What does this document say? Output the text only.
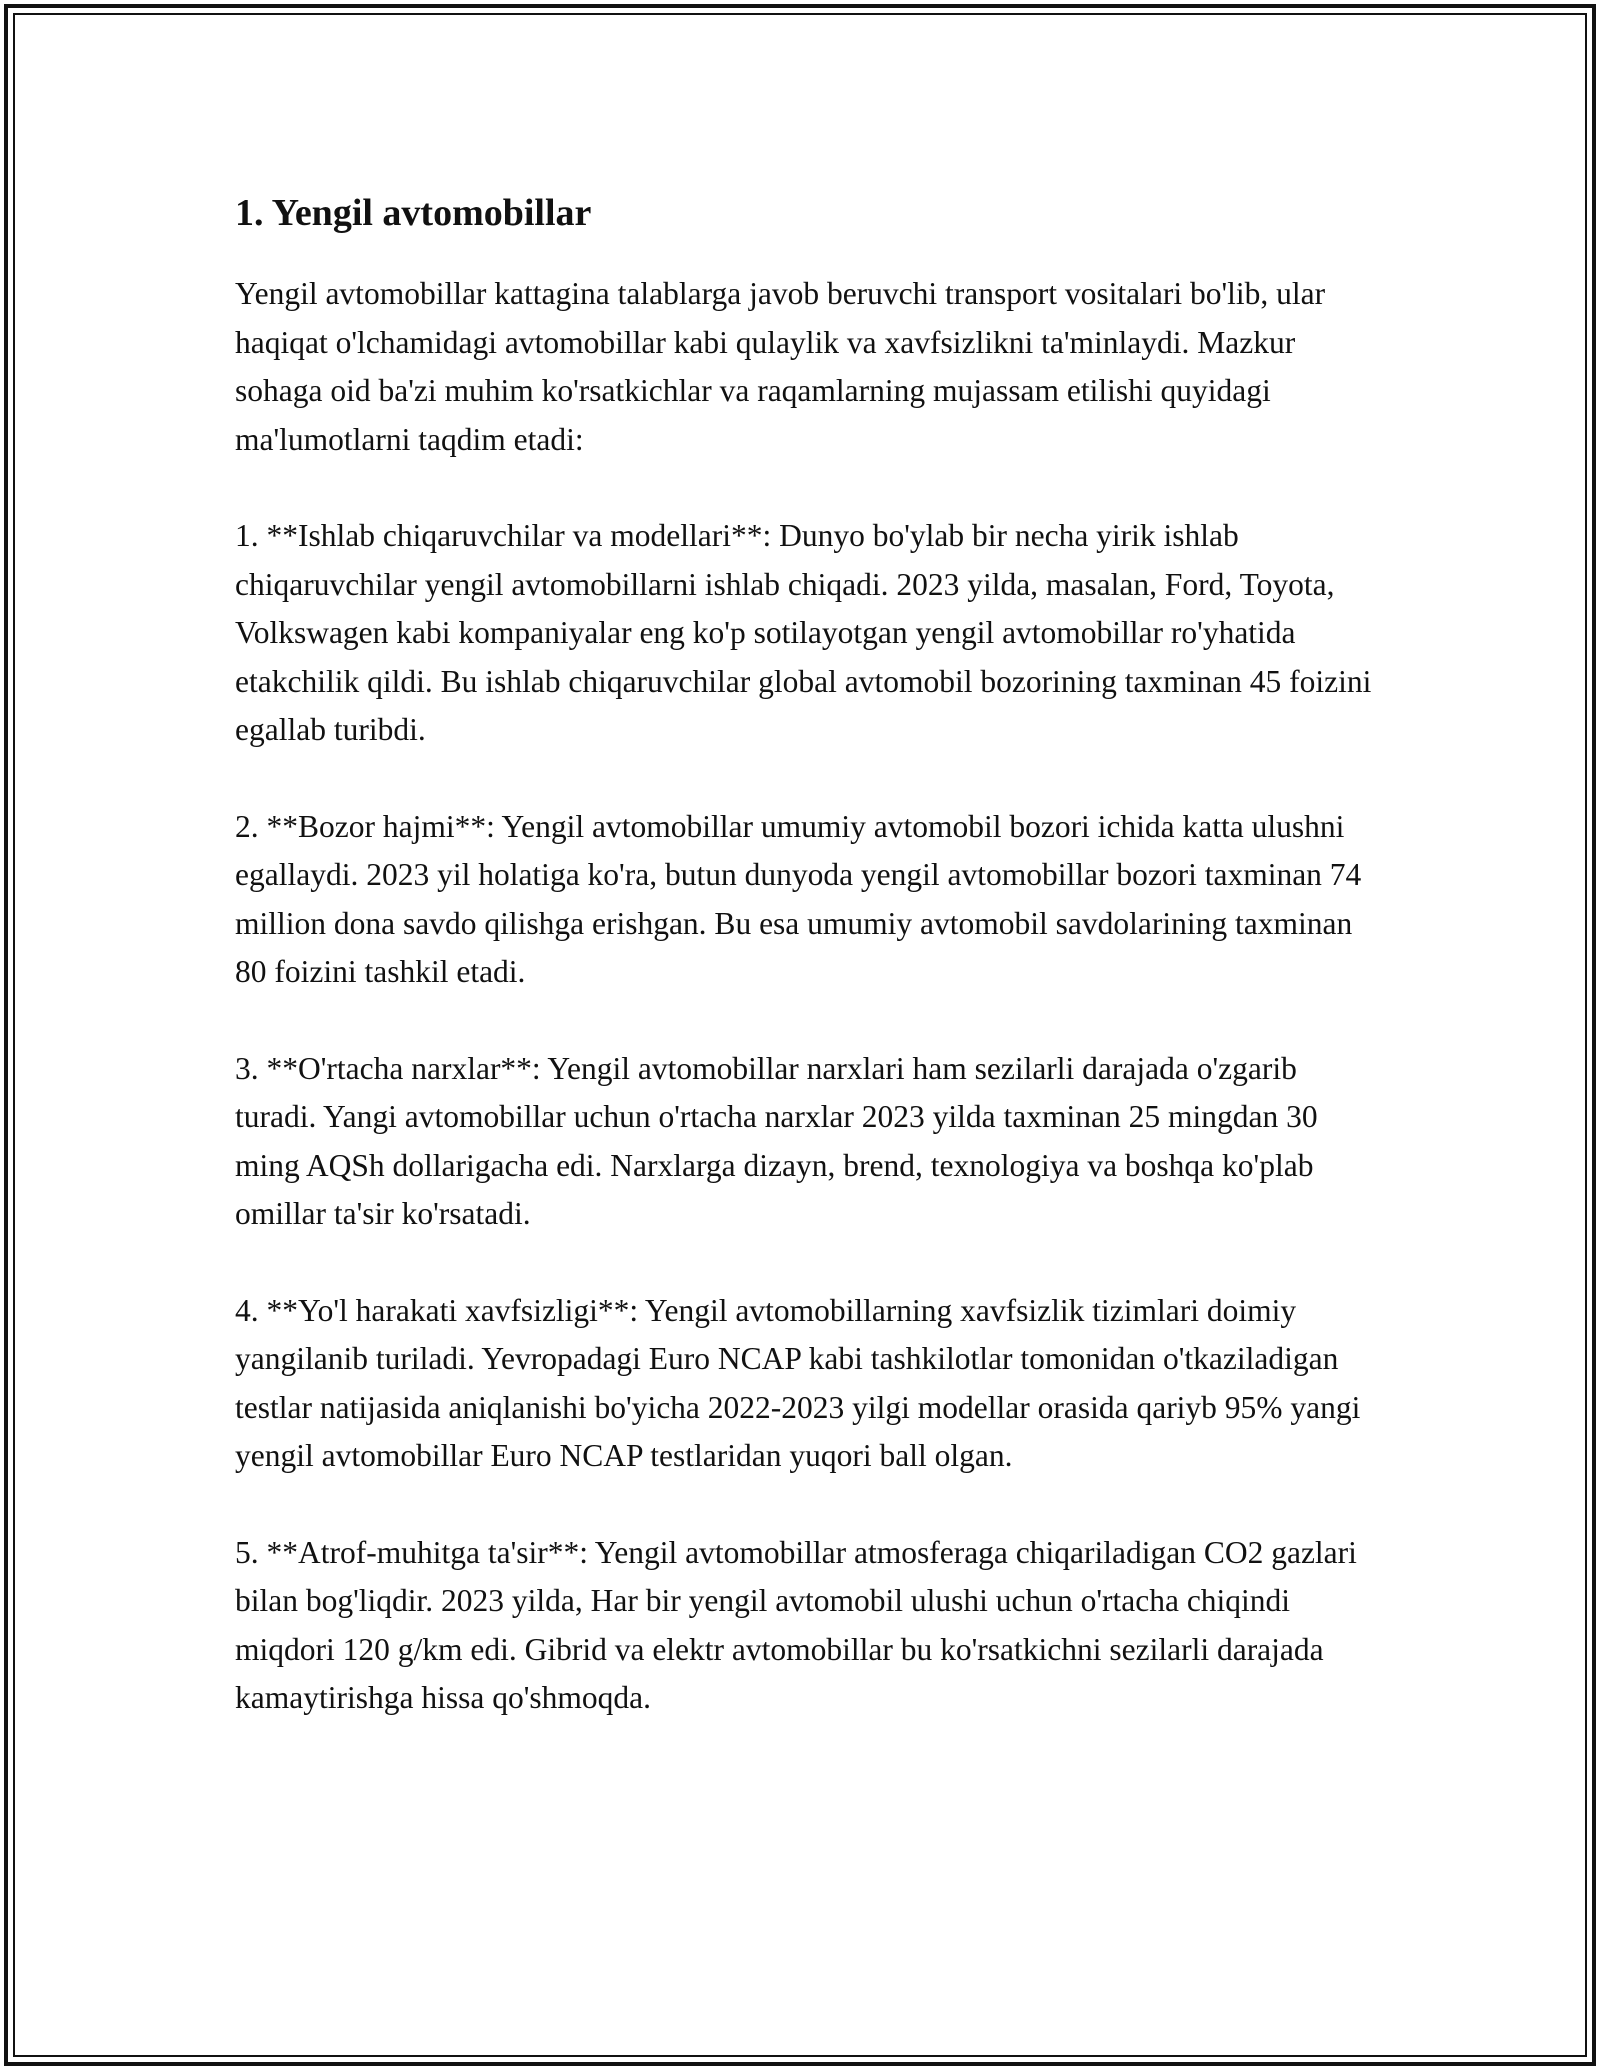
1. Yengil avtomobillar

Yengil avtomobillar kattagina talablarga javob beruvchi transport vositalari bo'lib, ular haqiqat o'lchamidagi avtomobillar kabi qulaylik va xavfsizlikni ta'minlaydi. Mazkur sohaga oid ba'zi muhim ko'rsatkichlar va raqamlarning mujassam etilishi quyidagi ma'lumotlarni taqdim etadi:

1. **Ishlab chiqaruvchilar va modellari**: Dunyo bo'ylab bir necha yirik ishlab chiqaruvchilar yengil avtomobillarni ishlab chiqadi. 2023 yilda, masalan, Ford, Toyota, Volkswagen kabi kompaniyalar eng ko'p sotilayotgan yengil avtomobillar ro'yhatida etakchilik qildi. Bu ishlab chiqaruvchilar global avtomobil bozorining taxminan 45 foizini egallab turibdi.

2. **Bozor hajmi**: Yengil avtomobillar umumiy avtomobil bozori ichida katta ulushni egallaydi. 2023 yil holatiga ko'ra, butun dunyoda yengil avtomobillar bozori taxminan 74 million dona savdo qilishga erishgan. Bu esa umumiy avtomobil savdolarining taxminan 80 foizini tashkil etadi.

3. **O'rtacha narxlar**: Yengil avtomobillar narxlari ham sezilarli darajada o'zgarib turadi. Yangi avtomobillar uchun o'rtacha narxlar 2023 yilda taxminan 25 mingdan 30 ming AQSh dollarigacha edi. Narxlarga dizayn, brend, texnologiya va boshqa ko'plab omillar ta'sir ko'rsatadi.

4. **Yo'l harakati xavfsizligi**: Yengil avtomobillarning xavfsizlik tizimlari doimiy yangilanib turiladi. Yevropadagi Euro NCAP kabi tashkilotlar tomonidan o'tkaziladigan testlar natijasida aniqlanishi bo'yicha 2022-2023 yilgi modellar orasida qariyb 95% yangi yengil avtomobillar Euro NCAP testlaridan yuqori ball olgan.

5. **Atrof-muhitga ta'sir**: Yengil avtomobillar atmosferaga chiqariladigan CO2 gazlari bilan bog'liqdir. 2023 yilda, Har bir yengil avtomobil ulushi uchun o'rtacha chiqindi miqdori 120 g/km edi. Gibrid va elektr avtomobillar bu ko'rsatkichni sezilarli darajada kamaytirishga hissa qo'shmoqda.
